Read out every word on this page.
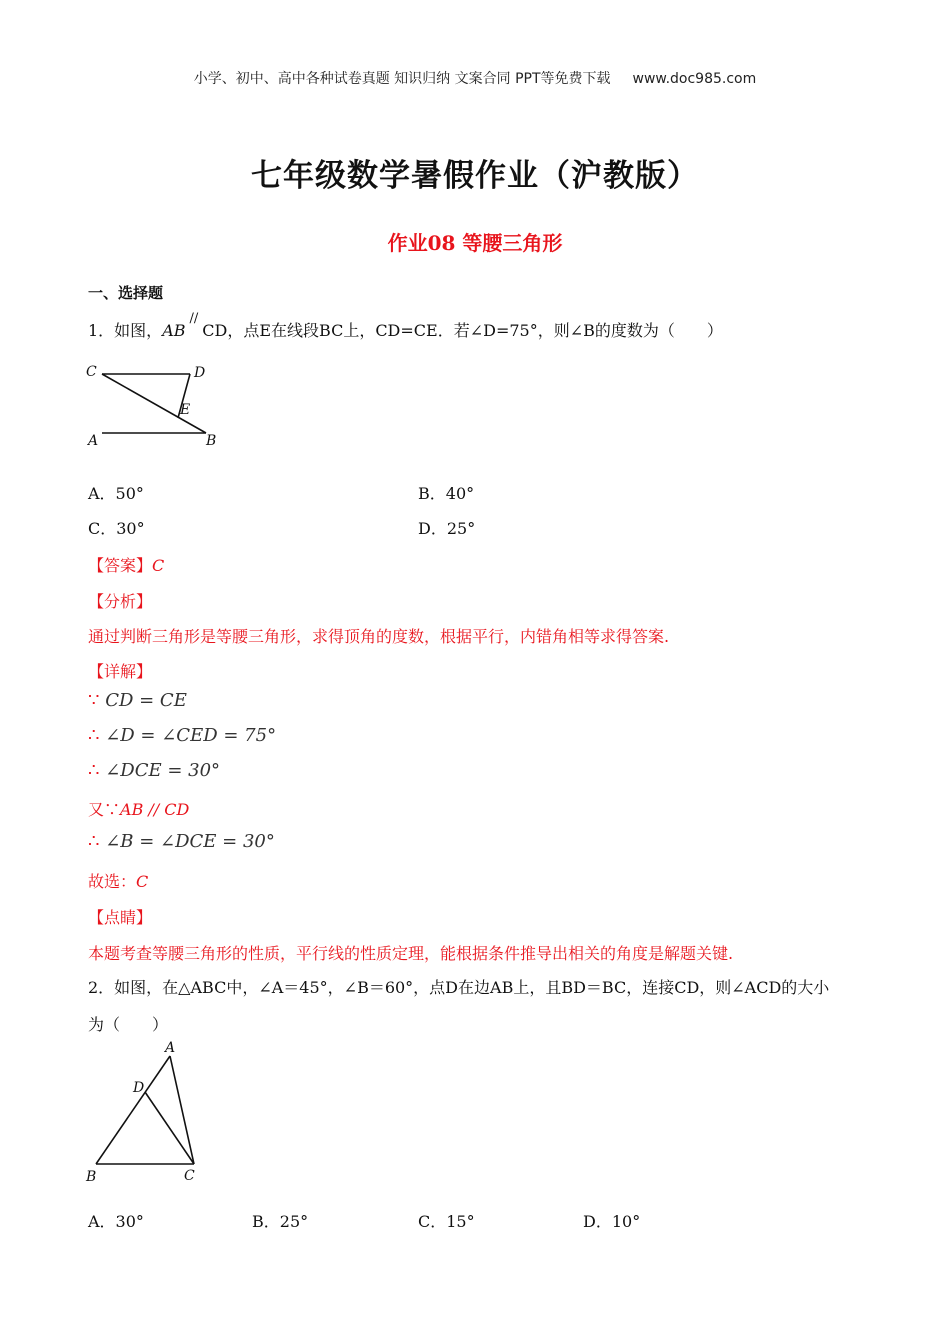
小学、初中、高中各种试卷真题 知识归纳 文案合同 PPT等免费下载 www.doc985.com
七年级数学暑假作业（沪教版）
作业08 等腰三角形
一、选择题
1．如图，AB//CD，点E在线段BC上，CD=CE．若∠D=75°，则∠B的度数为（　　）
C	D
E
A	B
A．50°	B．40°
C．30°	D．25°
【答案】C
【分析】
通过判断三角形是等腰三角形，求得顶角的度数，根据平行，内错角相等求得答案.
【详解】
∵ CD = CE
∴ ∠D = ∠CED = 75°
∴ ∠DCE = 30°
又∵AB // CD
∴ ∠B = ∠DCE = 30°
故选：C
【点睛】
本题考查等腰三角形的性质，平行线的性质定理，能根据条件推导出相关的角度是解题关键.
2．如图，在△ABC中，∠A＝45°，∠B＝60°，点D在边AB上，且BD＝BC，连接CD，则∠ACD的大小
为（　　）
A
D
B	C
A．30°	B．25°	C．15°	D．10°
